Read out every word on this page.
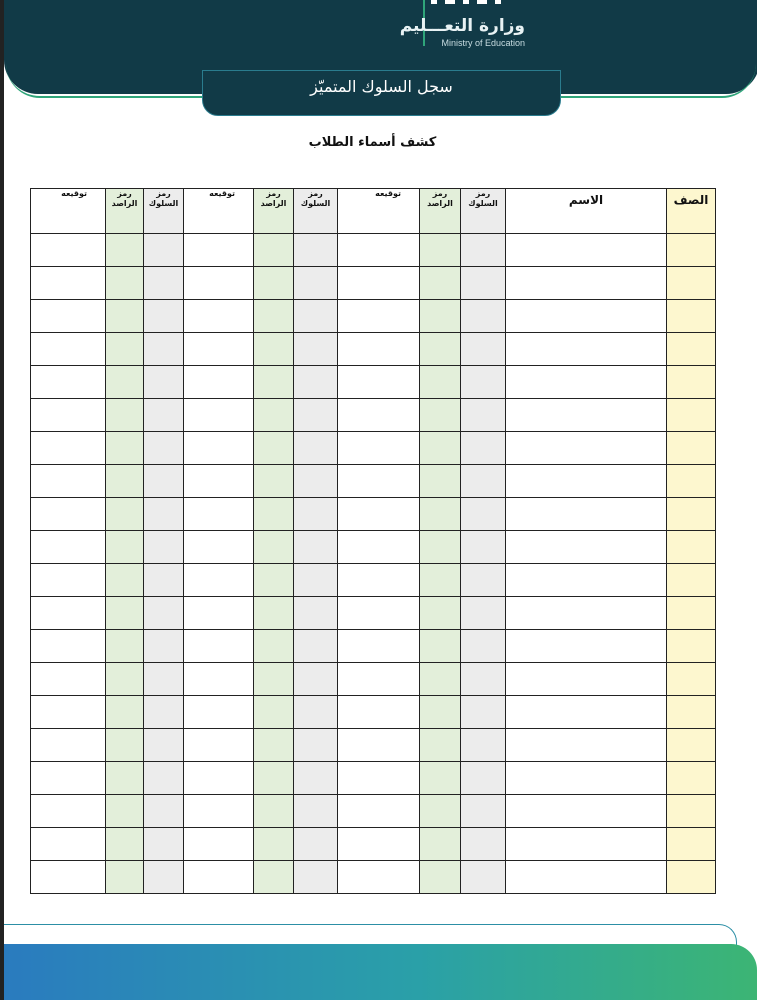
وزارة التعـــليم
Ministry of Education
سجل السلوك المتميّز
كشف أسماء الطلاب
الصف	الاسم	رمز السلوك	رمز الراصد	توقيعه	رمز السلوك	رمز الراصد	توقيعه	رمز السلوك	رمز الراصد	توقيعه
